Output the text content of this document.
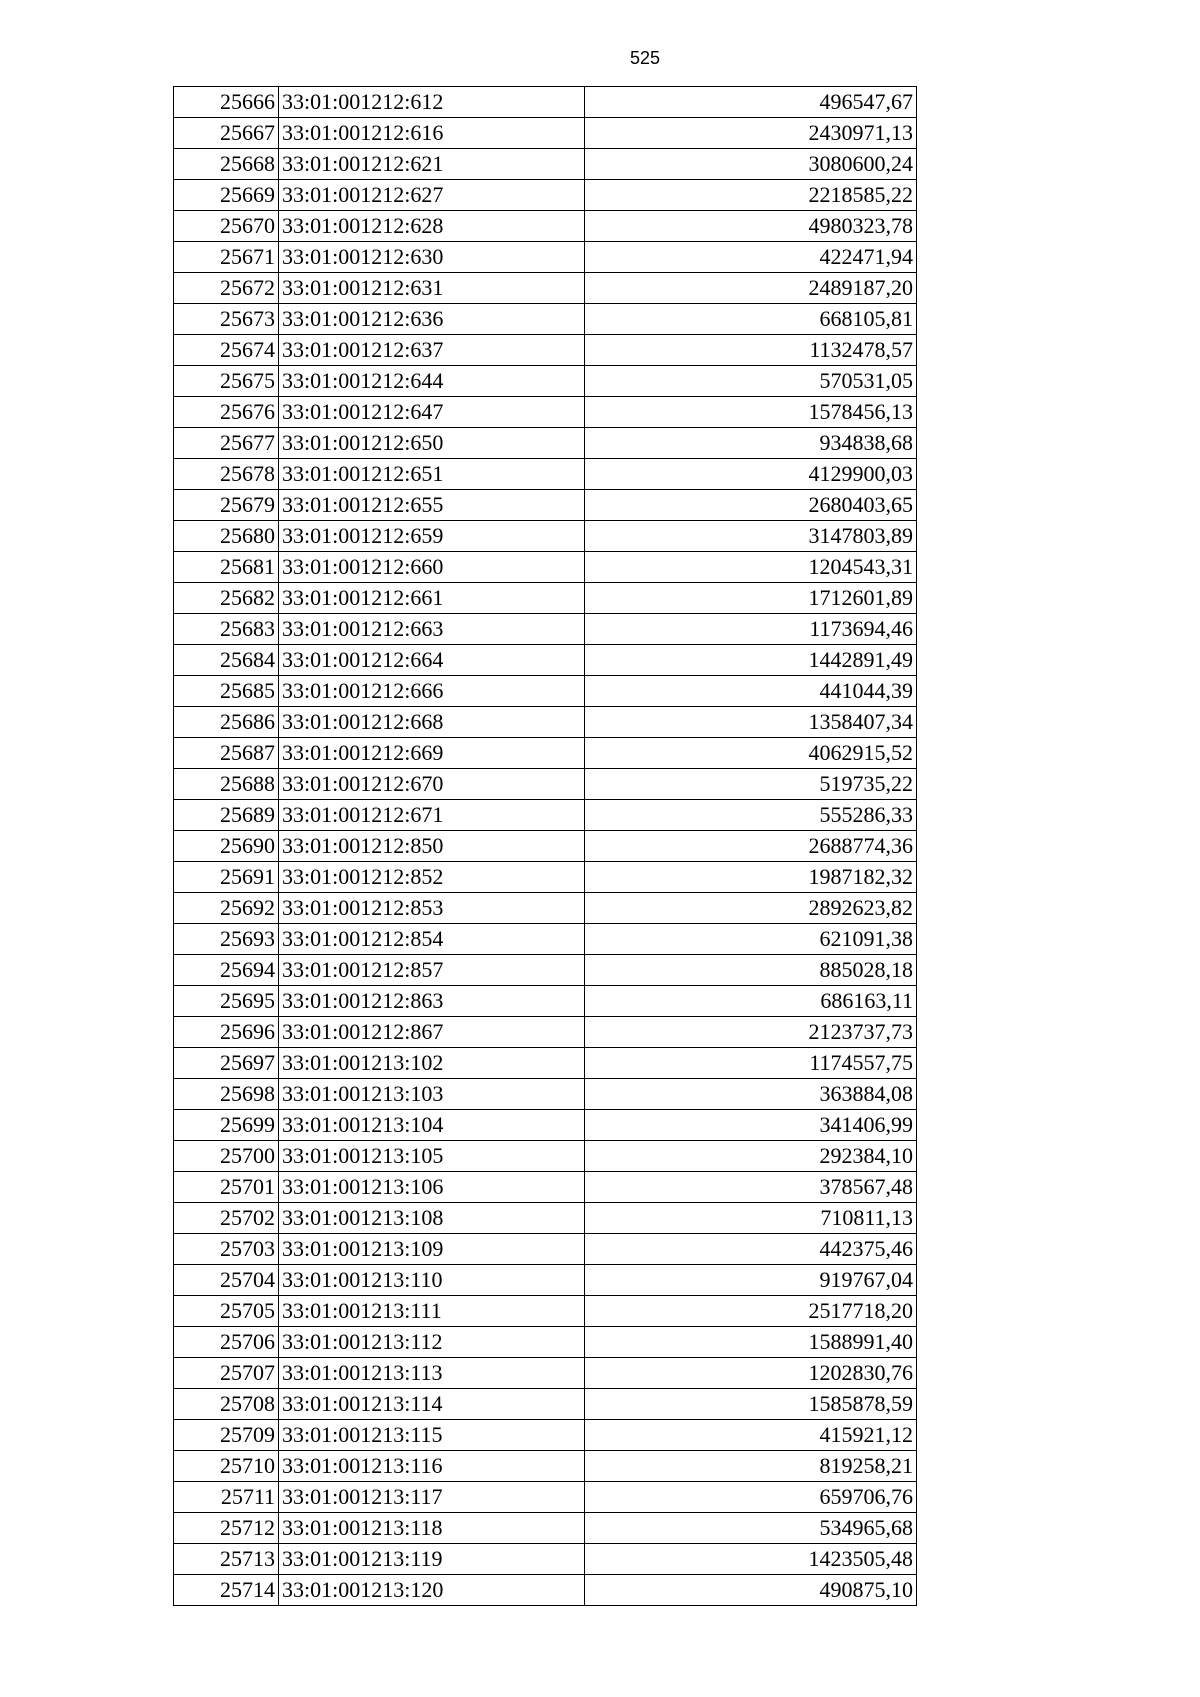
525
25666	33:01:001212:612	496547,67
25667	33:01:001212:616	2430971,13
25668	33:01:001212:621	3080600,24
25669	33:01:001212:627	2218585,22
25670	33:01:001212:628	4980323,78
25671	33:01:001212:630	422471,94
25672	33:01:001212:631	2489187,20
25673	33:01:001212:636	668105,81
25674	33:01:001212:637	1132478,57
25675	33:01:001212:644	570531,05
25676	33:01:001212:647	1578456,13
25677	33:01:001212:650	934838,68
25678	33:01:001212:651	4129900,03
25679	33:01:001212:655	2680403,65
25680	33:01:001212:659	3147803,89
25681	33:01:001212:660	1204543,31
25682	33:01:001212:661	1712601,89
25683	33:01:001212:663	1173694,46
25684	33:01:001212:664	1442891,49
25685	33:01:001212:666	441044,39
25686	33:01:001212:668	1358407,34
25687	33:01:001212:669	4062915,52
25688	33:01:001212:670	519735,22
25689	33:01:001212:671	555286,33
25690	33:01:001212:850	2688774,36
25691	33:01:001212:852	1987182,32
25692	33:01:001212:853	2892623,82
25693	33:01:001212:854	621091,38
25694	33:01:001212:857	885028,18
25695	33:01:001212:863	686163,11
25696	33:01:001212:867	2123737,73
25697	33:01:001213:102	1174557,75
25698	33:01:001213:103	363884,08
25699	33:01:001213:104	341406,99
25700	33:01:001213:105	292384,10
25701	33:01:001213:106	378567,48
25702	33:01:001213:108	710811,13
25703	33:01:001213:109	442375,46
25704	33:01:001213:110	919767,04
25705	33:01:001213:111	2517718,20
25706	33:01:001213:112	1588991,40
25707	33:01:001213:113	1202830,76
25708	33:01:001213:114	1585878,59
25709	33:01:001213:115	415921,12
25710	33:01:001213:116	819258,21
25711	33:01:001213:117	659706,76
25712	33:01:001213:118	534965,68
25713	33:01:001213:119	1423505,48
25714	33:01:001213:120	490875,10
